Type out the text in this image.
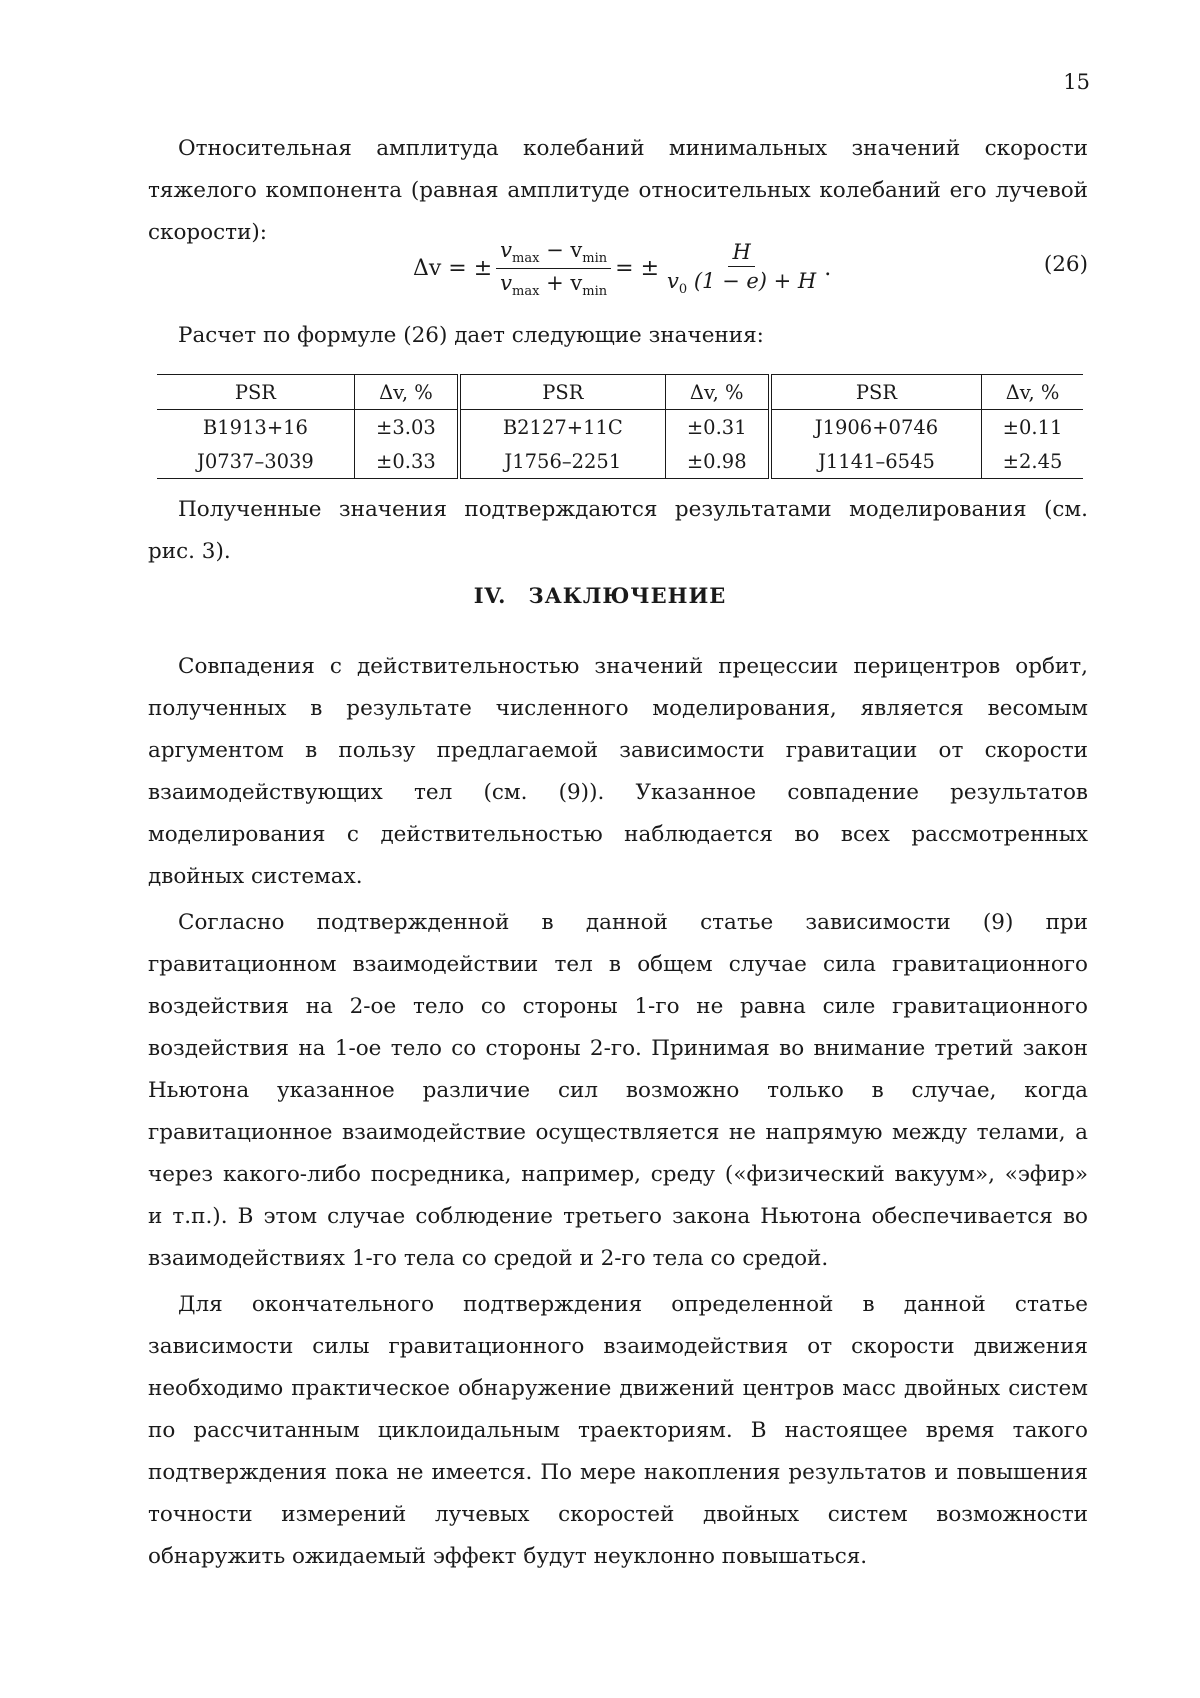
15

Относительная амплитуда колебаний минимальных значений скорости тяжелого компонента (равная амплитуде относительных колебаний его лучевой скорости):

Δv = ±
vmax − vmin
vmax + vmin
= ±
H
v0 (1 − e) + H .	(26)

Расчет по формуле (26) дает следующие значения:

PSR	Δv, %	PSR	Δv, %	PSR	Δv, %
B1913+16	±3.03	B2127+11C	±0.31	J1906+0746	±0.11
J0737–3039	±0.33	J1756–2251	±0.98	J1141–6545	±2.45

Полученные значения подтверждаются результатами моделирования (см. рис. 3).

IV. ЗАКЛЮЧЕНИЕ

Совпадения с действительностью значений прецессии перицентров орбит, полученных в результате численного моделирования, является весомым аргументом в пользу предлагаемой зависимости гравитации от скорости взаимодействующих тел (см. (9)). Указанное совпадение результатов моделирования с действительностью наблюдается во всех рассмотренных двойных системах.

Согласно подтвержденной в данной статье зависимости (9) при гравитационном взаимодействии тел в общем случае сила гравитационного воздействия на 2-ое тело со стороны 1-го не равна силе гравитационного воздействия на 1-ое тело со стороны 2-го. Принимая во внимание третий закон Ньютона указанное различие сил возможно только в случае, когда гравитационное взаимодействие осуществляется не напрямую между телами, а через какого-либо посредника, например, среду («физический вакуум», «эфир» и т.п.). В этом случае соблюдение третьего закона Ньютона обеспечивается во взаимодействиях 1-го тела со средой и 2-го тела со средой.

Для окончательного подтверждения определенной в данной статье зависимости силы гравитационного взаимодействия от скорости движения необходимо практическое обнаружение движений центров масс двойных систем по рассчитанным циклоидальным траекториям. В настоящее время такого подтверждения пока не имеется. По мере накопления результатов и повышения точности измерений лучевых скоростей двойных систем возможности обнаружить ожидаемый эффект будут неуклонно повышаться.
